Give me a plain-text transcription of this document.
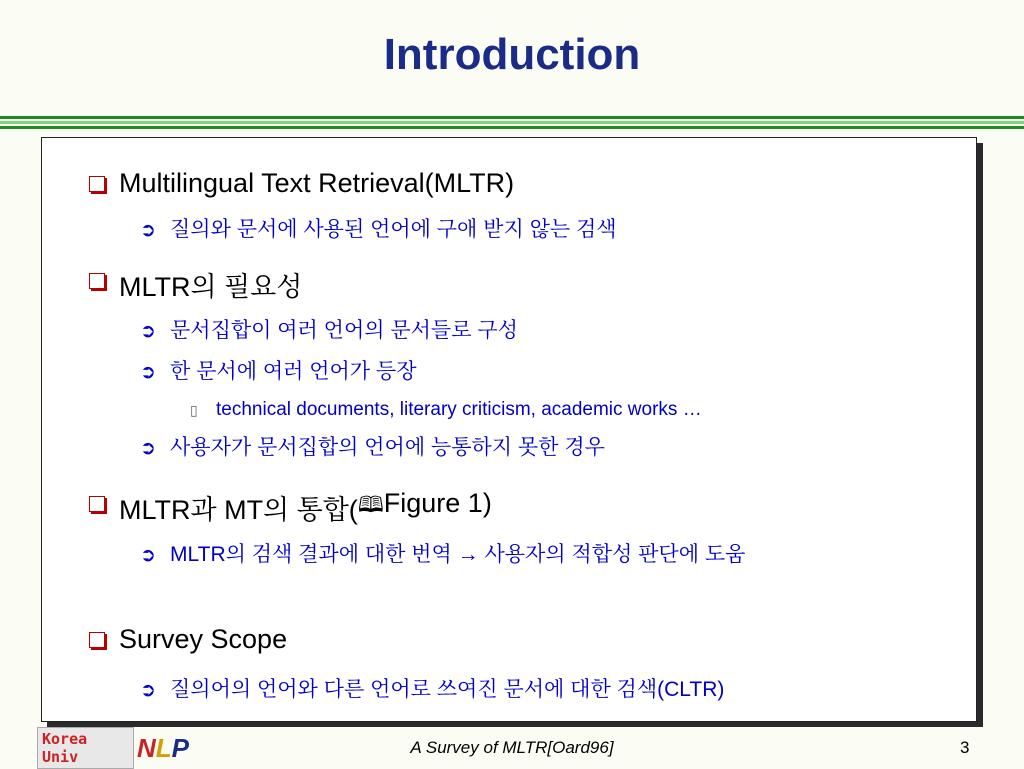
Introduction
Multilingual Text Retrieval(MLTR)
➲ 질의와 문서에 사용된 언어에 구애 받지 않는 검색
MLTR의 필요성
➲ 문서집합이 여러 언어의 문서들로 구성
➲ 한 문서에 여러 언어가 등장
▯ technical documents, literary criticism, academic works …
➲ 사용자가 문서집합의 언어에 능통하지 못한 경우
MLTR과 MT의 통합( 🕮 Figure 1)
➲ MLTR의 검색 결과에 대한 번역 → 사용자의 적합성 판단에 도움
Survey Scope
➲ 질의어의 언어와 다른 언어로 쓰여진 문서에 대한 검색(CLTR)
Korea Univ	NLP	A Survey of MLTR[Oard96]	3
